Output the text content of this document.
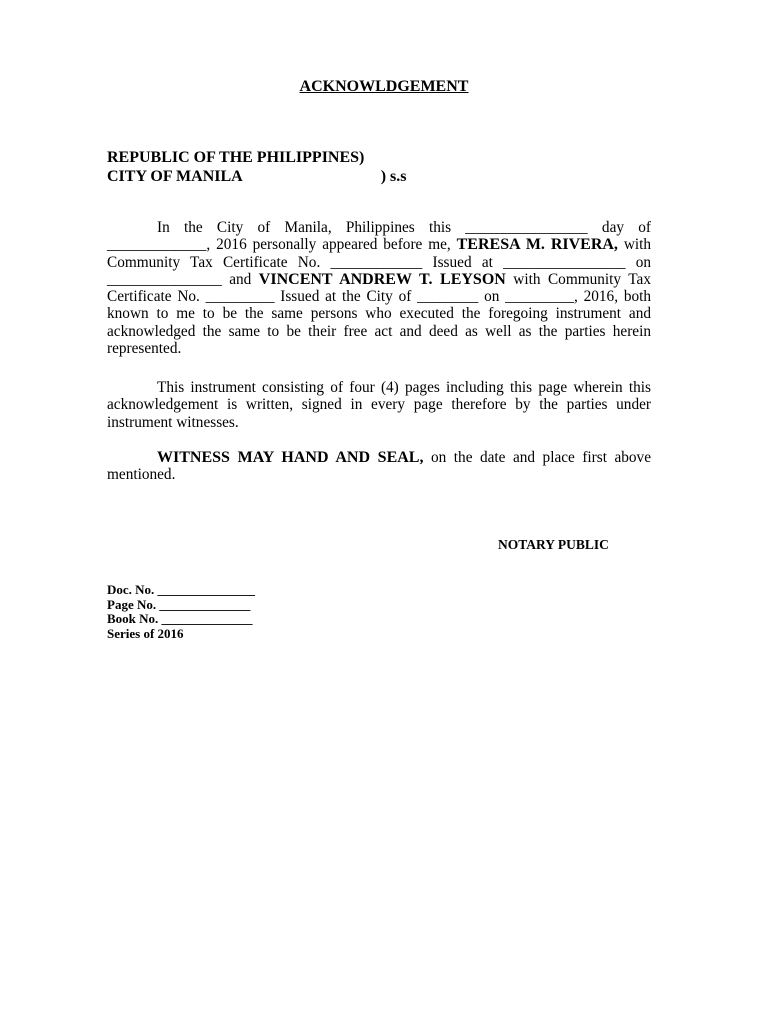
ACKNOWLDGEMENT
REPUBLIC OF THE PHILIPPINES)
CITY OF MANILA	) s.s
In the City of Manila, Philippines this ________________ day of _____________, 2016 personally appeared before me, TERESA M. RIVERA, with Community Tax Certificate No. ____________ Issued at ________________ on _______________ and VINCENT ANDREW T. LEYSON with Community Tax Certificate No. _________ Issued at the City of ________ on _________, 2016, both known to me to be the same persons who executed the foregoing instrument and acknowledged the same to be their free act and deed as well as the parties herein represented.
This instrument consisting of four (4) pages including this page wherein this acknowledgement is written, signed in every page therefore by the parties under instrument witnesses.
WITNESS MAY HAND AND SEAL, on the date and place first above mentioned.
NOTARY PUBLIC
Doc. No. _______________
Page No. ______________
Book No. ______________
Series of 2016
